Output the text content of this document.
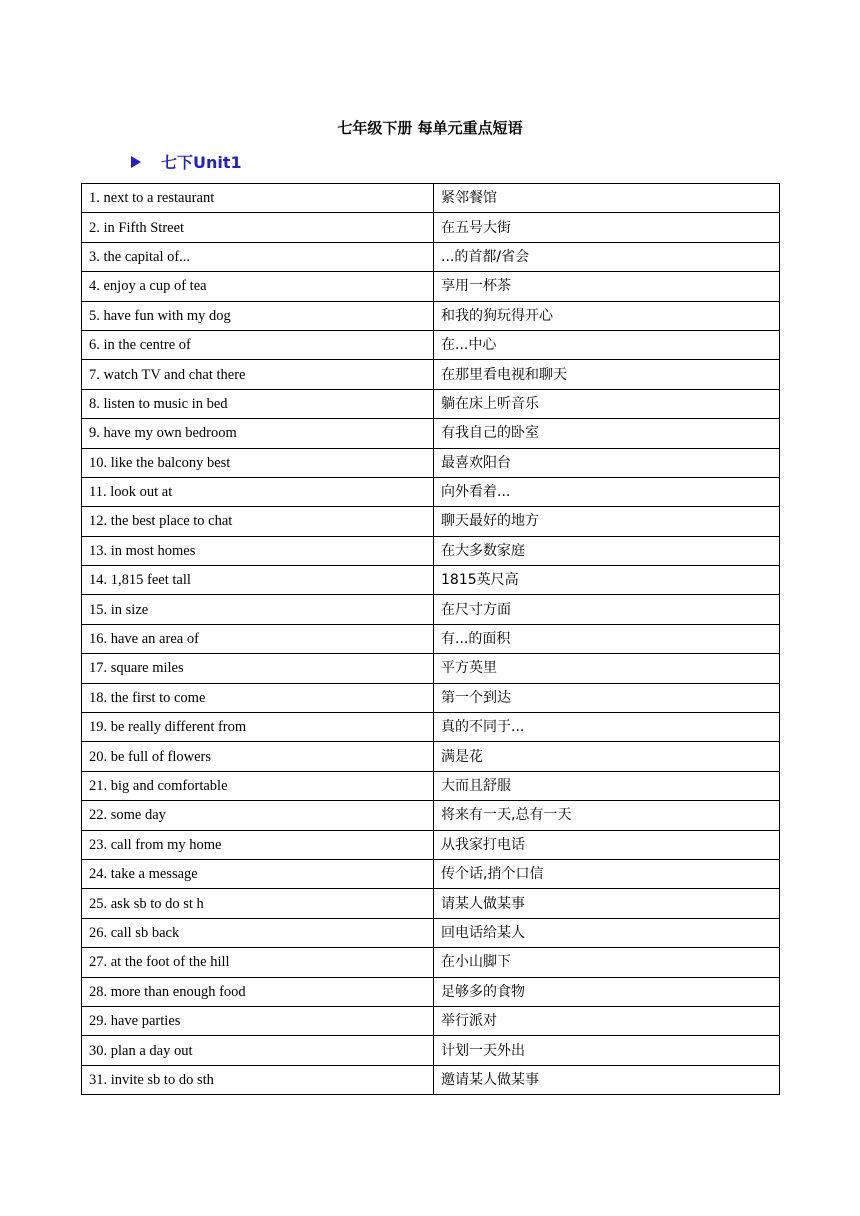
七年级下册 每单元重点短语
七下Unit1
1. next to a restaurant	紧邻餐馆
2. in Fifth Street	在五号大街
3. the capital of...	...的首都/省会
4. enjoy a cup of tea	享用一杯茶
5. have fun with my dog	和我的狗玩得开心
6. in the centre of	在...中心
7. watch TV and chat there	在那里看电视和聊天
8. listen to music in bed	躺在床上听音乐
9. have my own bedroom	有我自己的卧室
10. like the balcony best	最喜欢阳台
11. look out at	向外看着...
12. the best place to chat	聊天最好的地方
13. in most homes	在大多数家庭
14. 1,815 feet tall	1815英尺高
15. in size	在尺寸方面
16. have an area of	有...的面积
17. square miles	平方英里
18. the first to come	第一个到达
19. be really different from	真的不同于...
20. be full of flowers	满是花
21. big and comfortable	大而且舒服
22. some day	将来有一天,总有一天
23. call from my home	从我家打电话
24. take a message	传个话,捎个口信
25. ask sb to do st h	请某人做某事
26. call sb back	回电话给某人
27. at the foot of the hill	在小山脚下
28. more than enough food	足够多的食物
29. have parties	举行派对
30. plan a day out	计划一天外出
31. invite sb to do sth	邀请某人做某事
